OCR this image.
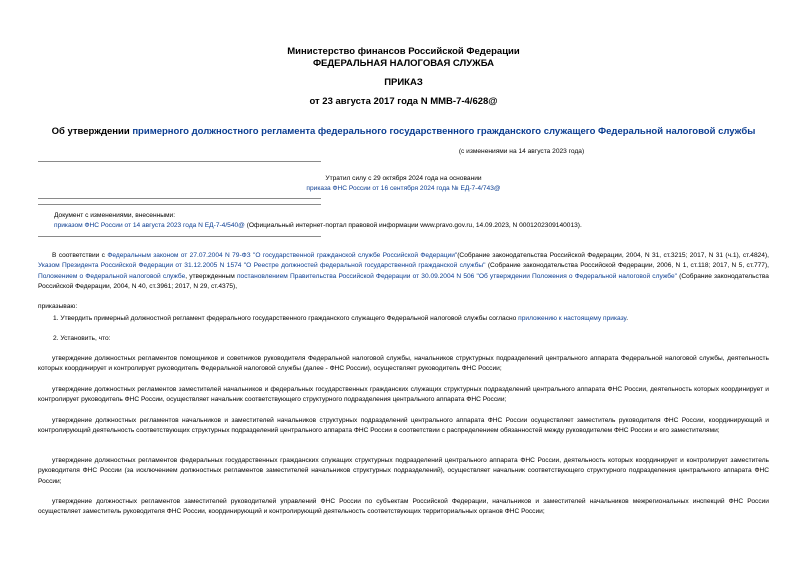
Министерство финансов Российской Федерации
ФЕДЕРАЛЬНАЯ НАЛОГОВАЯ СЛУЖБА
ПРИКАЗ
от 23 августа 2017 года N ММВ-7-4/628@
Об утверждении примерного должностного регламента федерального государственного гражданского служащего Федеральной налоговой службы
(с изменениями на 14 августа 2023 года)
Утратил силу с 29 октября 2024 года на основании
приказа ФНС России от 16 сентября 2024 года № ЕД-7-4/743@
Документ с изменениями, внесенными:
приказом ФНС России от 14 августа 2023 года N ЕД-7-4/540@ (Официальный интернет-портал правовой информации www.pravo.gov.ru, 14.09.2023, N 0001202309140013).
В соответствии с Федеральным законом от 27.07.2004 N 79-ФЗ "О государственной гражданской службе Российской Федерации"(Собрание законодательства Российской Федерации, 2004, N 31, ст.3215; 2017, N 31 (ч.1), ст.4824), Указом Президента Российской Федерации от 31.12.2005 N 1574 "О Реестре должностей федеральной государственной гражданской службы" (Собрание законодательства Российской Федерации, 2006, N 1, ст.118; 2017, N 5, ст.777), Положением о Федеральной налоговой службе, утвержденным постановлением Правительства Российской Федерации от 30.09.2004 N 506 "Об утверждении Положения о Федеральной налоговой службе" (Собрание законодательства Российской Федерации, 2004, N 40, ст.3961; 2017, N 29, ст.4375),
приказываю:
1. Утвердить примерный должностной регламент федерального государственного гражданского служащего Федеральной налоговой службы согласно приложению к настоящему приказу.
2. Установить, что:
утверждение должностных регламентов помощников и советников руководителя Федеральной налоговой службы, начальников структурных подразделений центрального аппарата Федеральной налоговой службы, деятельность которых координирует и контролирует руководитель Федеральной налоговой службы (далее - ФНС России), осуществляет руководитель ФНС России;
утверждение должностных регламентов заместителей начальников и федеральных государственных гражданских служащих структурных подразделений центрального аппарата ФНС России, деятельность которых координирует и контролирует руководитель ФНС России, осуществляет начальник соответствующего структурного подразделения центрального аппарата ФНС России;
утверждение должностных регламентов начальников и заместителей начальников структурных подразделений центрального аппарата ФНС России осуществляет заместитель руководителя ФНС России, координирующий и контролирующий деятельность соответствующих структурных подразделений центрального аппарата ФНС России в соответствии с распределением обязанностей между руководителем ФНС России и его заместителями;
утверждение должностных регламентов федеральных государственных гражданских служащих структурных подразделений центрального аппарата ФНС России, деятельность которых координирует и контролирует заместитель руководителя ФНС России (за исключением должностных регламентов заместителей начальников структурных подразделений), осуществляет начальник соответствующего структурного подразделения центрального аппарата ФНС России;
утверждение должностных регламентов заместителей руководителей управлений ФНС России по субъектам Российской Федерации, начальников и заместителей начальников межрегиональных инспекций ФНС России осуществляет заместитель руководителя ФНС России, координирующий и контролирующий деятельность соответствующих территориальных органов ФНС России;
